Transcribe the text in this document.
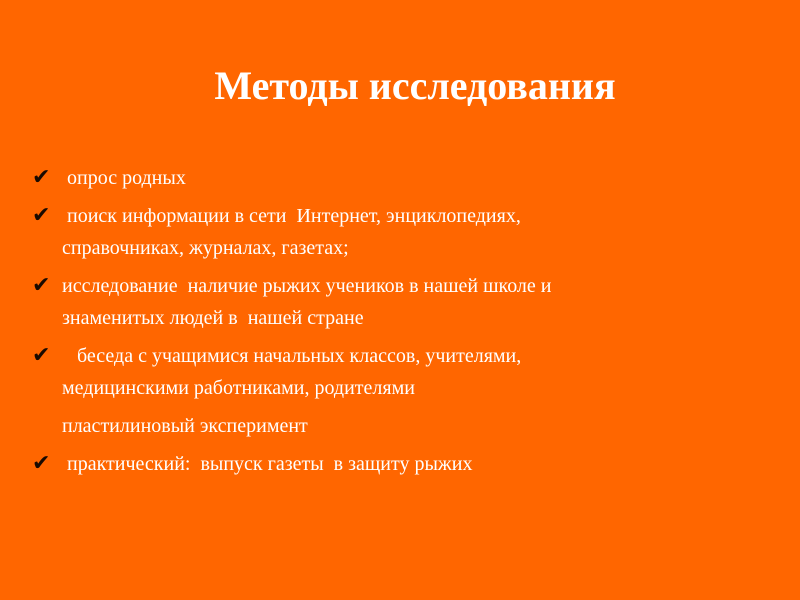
Методы исследования
✔ опрос родных
✔ поиск информации в сети  Интернет, энциклопедиях,
справочниках, журналах, газетах;
✔ исследование  наличие рыжих учеников в нашей школе и
знаменитых людей в  нашей стране
✔	беседа с учащимися начальных классов, учителями,
медицинскими работниками, родителями
пластилиновый эксперимент
✔ практический:  выпуск газеты  в защиту рыжих
